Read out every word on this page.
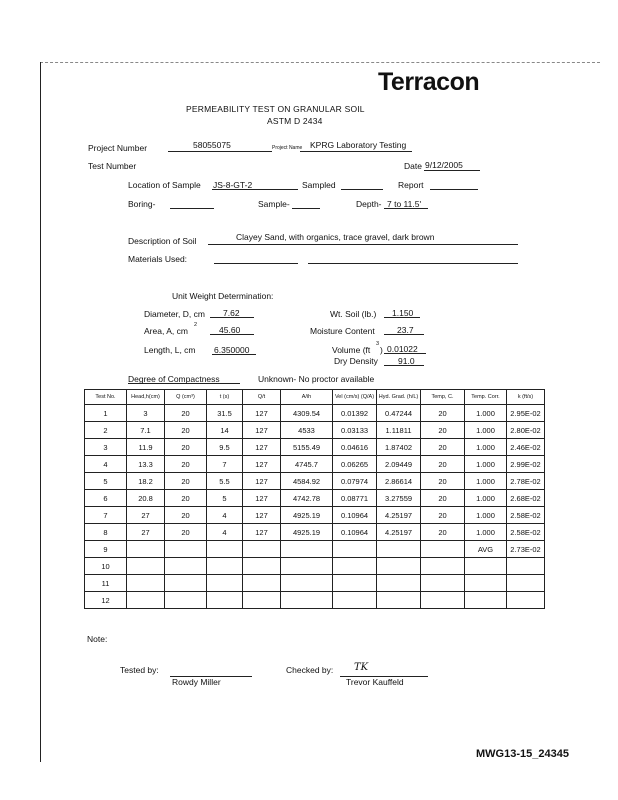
Terracon
PERMEABILITY TEST ON GRANULAR SOIL
ASTM D 2434
Project Number	58055075	Project Name KPRG Laboratory Testing
Test Number	Date 9/12/2005
Location of Sample JS-8-GT-2	Sampled	Report
Boring-	Sample-	Depth- 7 to 11.5'
Description of Soil	Clayey Sand, with organics, trace gravel, dark brown
Materials Used:
Unit Weight Determination:
Diameter, D, cm 7.62
Area, A, cm
2	45.60
Length, L, cm 6.350000
Wt. Soil (lb.) 1.150
Moisture Content	23.7
Volume (ft
3
) 0.01022
Dry Density 91.0
Degree of Compactness	Unknown- No proctor available
Test No.	Head,h(cm)	Q (cm³)	t (s)	Q/t	A/ih	Vel (cm/s) (Q/A)	Hyd. Grad. (h/L)	Temp, C.	Temp. Corr.	k (ft/s)
1	3	20	31.5	127	4309.54	0.01392	0.47244	20	1.000	2.95E-02
2	7.1	20	14	127	4533	0.03133	1.11811	20	1.000	2.80E-02
3	11.9	20	9.5	127	5155.49	0.04616	1.87402	20	1.000	2.46E-02
4	13.3	20	7	127	4745.7	0.06265	2.09449	20	1.000	2.99E-02
5	18.2	20	5.5	127	4584.92	0.07974	2.86614	20	1.000	2.78E-02
6	20.8	20	5	127	4742.78	0.08771	3.27559	20	1.000	2.68E-02
7	27	20	4	127	4925.19	0.10964	4.25197	20	1.000	2.58E-02
8	27	20	4	127	4925.19	0.10964	4.25197	20	1.000	2.58E-02
9									AVG	2.73E-02
10										
11										
12										
Note:
Tested by:
Rowdy Miller
Checked by: TK
Trevor Kauffeld
MWG13-15_24345
